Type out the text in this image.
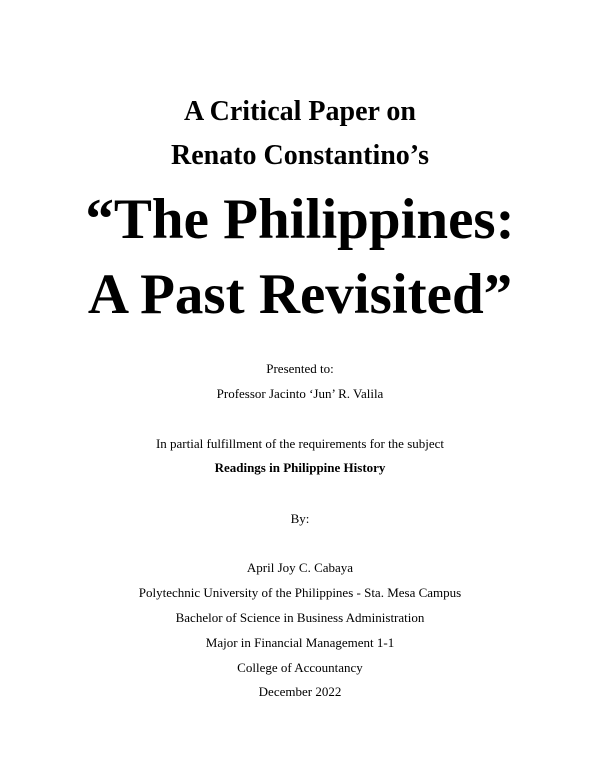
A Critical Paper on
Renato Constantino’s
“The Philippines:
A Past Revisited”
Presented to:
Professor Jacinto ‘Jun’ R. Valila
In partial fulfillment of the requirements for the subject
Readings in Philippine History
By:
April Joy C. Cabaya
Polytechnic University of the Philippines - Sta. Mesa Campus
Bachelor of Science in Business Administration
Major in Financial Management 1-1
College of Accountancy
December 2022
